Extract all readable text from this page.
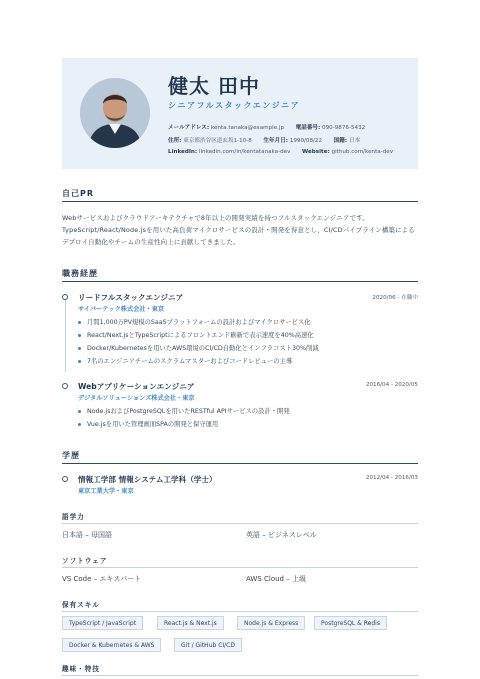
健太 田中
シニアフルスタックエンジニア
メールアドレス: kenta.tanaka@example.jp 電話番号: 090-9876-5432
住所: 東京都渋谷区道玄坂1-10-8 生年月日: 1990/08/22 国籍: 日本
LinkedIn: linkedin.com/in/kentatanaka-dev Website: github.com/kenta-dev
自己PR
Webサービスおよびクラウドアーキテクチャで8年以上の開発実績を持つフルスタックエンジニアです。TypeScript/React/Node.jsを用いた高負荷マイクロサービスの設計・開発を得意とし、CI/CDパイプライン構築によるデプロイ自動化やチームの生産性向上に貢献してきました。
職務経歴
リードフルスタックエンジニア	2020/06 - 在職中
サイバーテック株式会社・東京
月間1,000万PV規模のSaaSプラットフォームの設計およびマイクロサービス化
React/Next.jsとTypeScriptによるフロントエンド刷新で表示速度を40%高速化
Docker/Kubernetesを用いたAWS環境のCI/CD自動化とインフラコスト30%削減
7名のエンジニアチームのスクラムマスターおよびコードレビューの主導
Webアプリケーションエンジニア	2016/04 - 2020/05
デジタルソリューションズ株式会社・東京
Node.jsおよびPostgreSQLを用いたRESTful APIサービスの設計・開発
Vue.jsを用いた管理画面SPAの開発と保守運用
学歴
情報工学部 情報システム工学科（学士）	2012/04 - 2016/03
東京工業大学・東京
語学力
日本語 – 母国語	英語 – ビジネスレベル
ソフトウェア
VS Code – エキスパート	AWS Cloud – 上級
保有スキル
TypeScript / JavaScript	React.js & Next.js	Node.js & Express	PostgreSQL & Redis
Docker & Kubernetes & AWS	Git / GitHub CI/CD
趣味・特技
